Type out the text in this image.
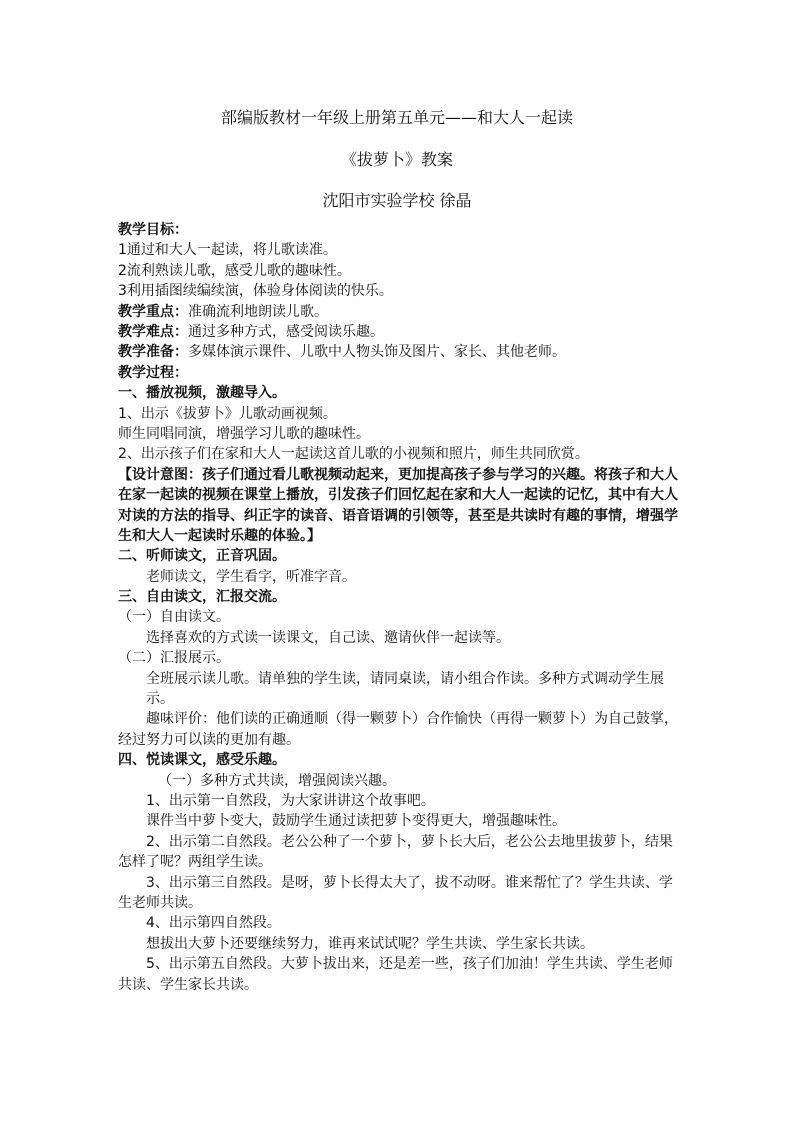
部编版教材一年级上册第五单元——和大人一起读
《拔萝卜》教案
沈阳市实验学校 徐晶
教学目标：
1通过和大人一起读，将儿歌读准。
2流利熟读儿歌，感受儿歌的趣味性。
3利用插图续编续演，体验身体阅读的快乐。
教学重点：准确流利地朗读儿歌。
教学难点：通过多种方式，感受阅读乐趣。
教学准备：多媒体演示课件、儿歌中人物头饰及图片、家长、其他老师。
教学过程：
一、播放视频，激趣导入。
1、出示《拔萝卜》儿歌动画视频。
师生同唱同演，增强学习儿歌的趣味性。
2、出示孩子们在家和大人一起读这首儿歌的小视频和照片，师生共同欣赏。
【设计意图：孩子们通过看儿歌视频动起来，更加提高孩子参与学习的兴趣。将孩子和大人在家一起读的视频在课堂上播放，引发孩子们回忆起在家和大人一起读的记忆，其中有大人对读的方法的指导、纠正字的读音、语音语调的引领等，甚至是共读时有趣的事情，增强学生和大人一起读时乐趣的体验。】
二、听师读文，正音巩固。
老师读文，学生看字，听准字音。
三、自由读文，汇报交流。
（一）自由读文。
选择喜欢的方式读一读课文，自己读、邀请伙伴一起读等。
（二）汇报展示。
全班展示读儿歌。请单独的学生读，请同桌读，请小组合作读。多种方式调动学生展示。
趣味评价：他们读的正确通顺（得一颗萝卜）合作愉快（再得一颗萝卜）为自己鼓掌，经过努力可以读的更加有趣。
四、悦读课文，感受乐趣。
（一）多种方式共读，增强阅读兴趣。
1、出示第一自然段，为大家讲讲这个故事吧。
课件当中萝卜变大，鼓励学生通过读把萝卜变得更大，增强趣味性。
2、出示第二自然段。老公公种了一个萝卜，萝卜长大后，老公公去地里拔萝卜，结果怎样了呢？两组学生读。
3、出示第三自然段。是呀，萝卜长得太大了，拔不动呀。谁来帮忙了？学生共读、学生老师共读。
4、出示第四自然段。
想拔出大萝卜还要继续努力，谁再来试试呢？学生共读、学生家长共读。
5、出示第五自然段。大萝卜拔出来，还是差一些，孩子们加油！学生共读、学生老师共读、学生家长共读。
